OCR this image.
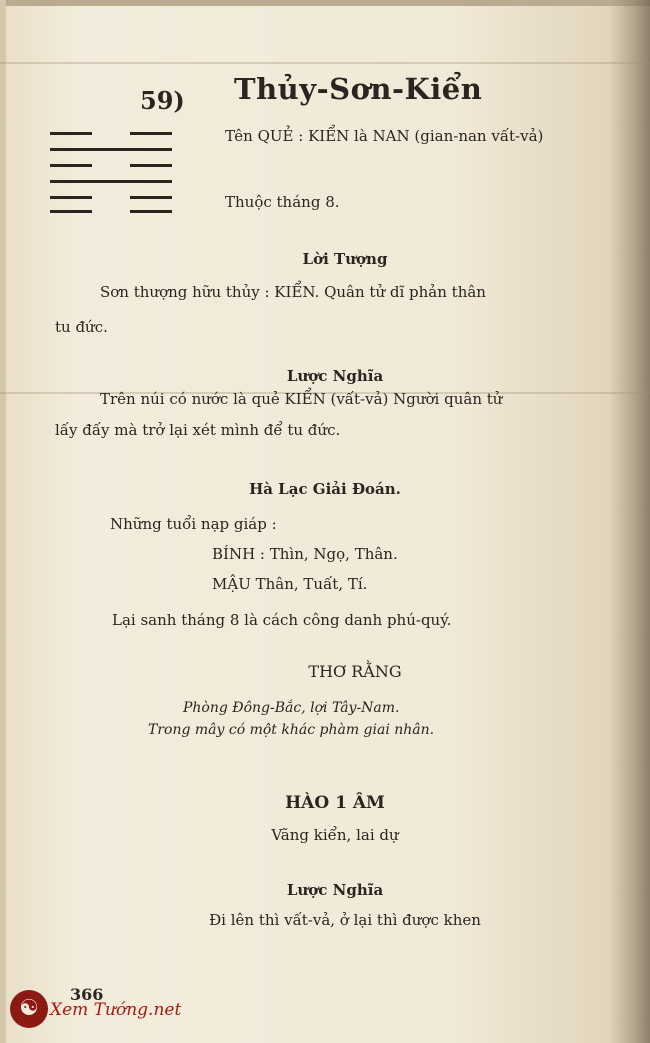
59) Thủy-Sơn-Kiển
Tên QUẺ : KIỂN là NAN (gian-nan vất-vả)
Thuộc tháng 8.
Lời Tượng
Sơn thượng hữu thủy : KIỂN. Quân tử dĩ phản thân
tu đức.
Lược Nghĩa
Trên núi có nước là quẻ KIỂN (vất-vả) Người quân tử
lấy đấy mà trở lại xét mình để tu đức.
Hà Lạc Giải Đoán.
Những tuổi nạp giáp :
BÍNH : Thìn, Ngọ, Thân.
MẬU Thân, Tuất, Tí.
Lại sanh tháng 8 là cách công danh phú-quý.
THƠ RẰNG
Phòng Đông-Bắc, lợi Tây-Nam.
Trong mây có một khác phàm giai nhân.
HÀO 1 ÂM
Vãng kiển, lai dự
Lược Nghĩa
Đi lên thì vất-vả, ở lại thì được khen
366
☯ Xem Tướng.net
